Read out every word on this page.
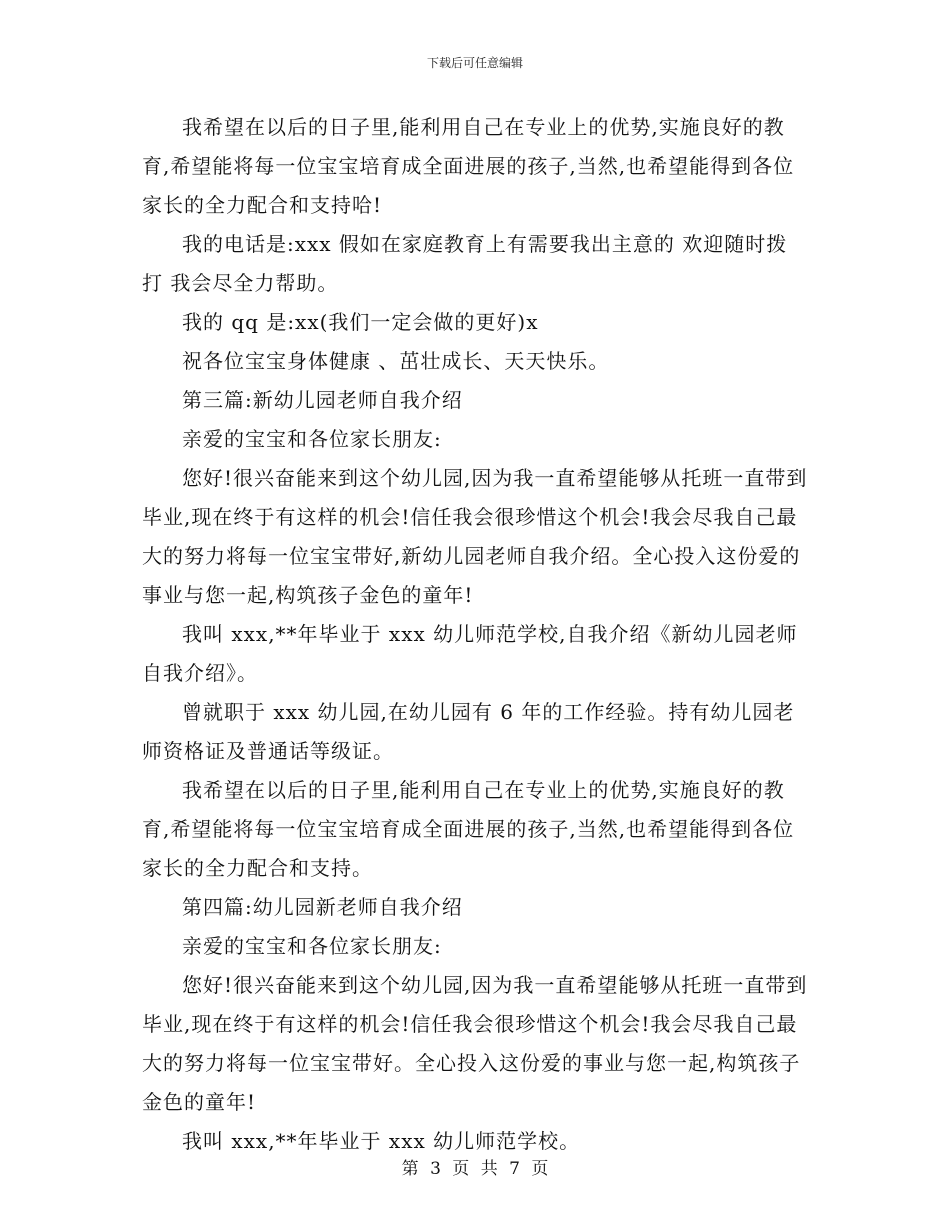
下载后可任意编辑

我希望在以后的日子里,能利用自己在专业上的优势,实施良好的教育,希望能将每一位宝宝培育成全面进展的孩子,当然,也希望能得到各位家长的全力配合和支持哈!

我的电话是:xxx 假如在家庭教育上有需要我出主意的 欢迎随时拨打 我会尽全力帮助。

我的 qq 是:xx(我们一定会做的更好)x

祝各位宝宝身体健康 、茁壮成长、天天快乐。

第三篇:新幼儿园老师自我介绍

亲爱的宝宝和各位家长朋友:

您好!很兴奋能来到这个幼儿园,因为我一直希望能够从托班一直带到毕业,现在终于有这样的机会!信任我会很珍惜这个机会!我会尽我自己最大的努力将每一位宝宝带好,新幼儿园老师自我介绍。全心投入这份爱的事业与您一起,构筑孩子金色的童年!

我叫 xxx,**年毕业于 xxx 幼儿师范学校,自我介绍《新幼儿园老师自我介绍》。

曾就职于 xxx 幼儿园,在幼儿园有 6 年的工作经验。持有幼儿园老师资格证及普通话等级证。

我希望在以后的日子里,能利用自己在专业上的优势,实施良好的教育,希望能将每一位宝宝培育成全面进展的孩子,当然,也希望能得到各位家长的全力配合和支持。

第四篇:幼儿园新老师自我介绍

亲爱的宝宝和各位家长朋友:

您好!很兴奋能来到这个幼儿园,因为我一直希望能够从托班一直带到毕业,现在终于有这样的机会!信任我会很珍惜这个机会!我会尽我自己最大的努力将每一位宝宝带好。全心投入这份爱的事业与您一起,构筑孩子金色的童年!

我叫 xxx,**年毕业于 xxx 幼儿师范学校。

第 3 页 共 7 页
